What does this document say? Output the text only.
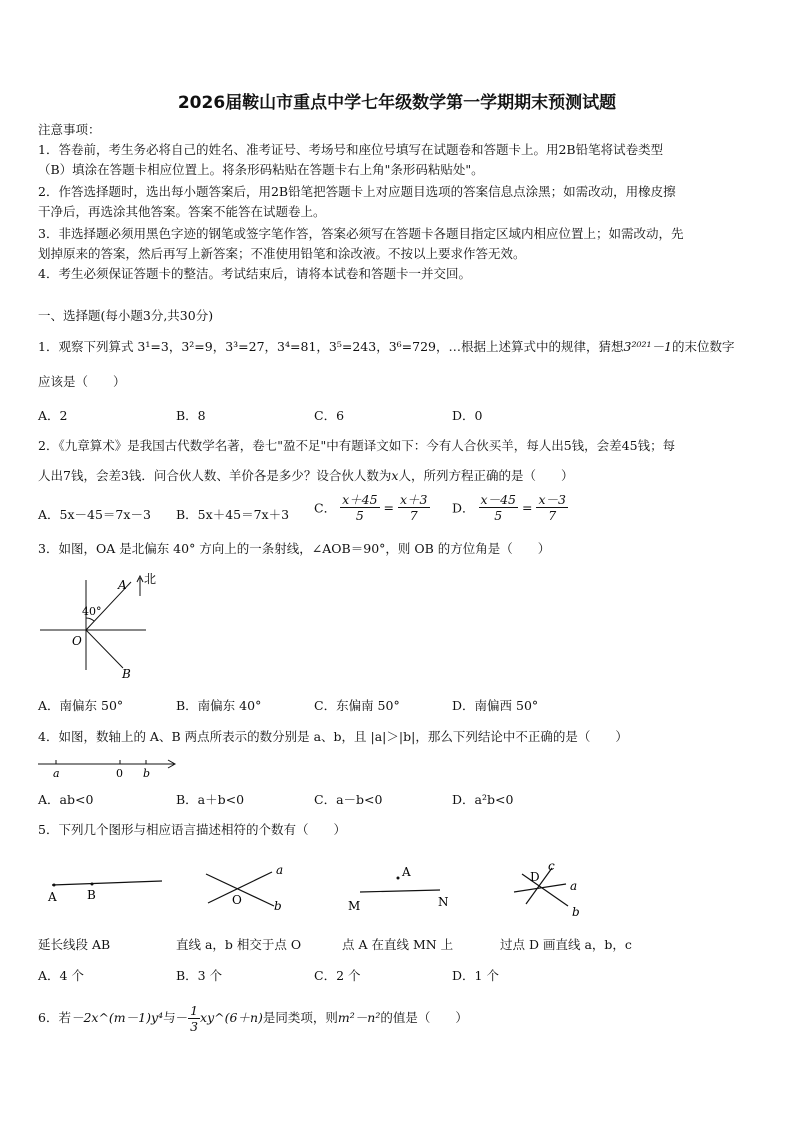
2026届鞍山市重点中学七年级数学第一学期期末预测试题
注意事项：
1．答卷前，考生务必将自己的姓名、准考证号、考场号和座位号填写在试题卷和答题卡上。用2B铅笔将试卷类型
（B）填涂在答题卡相应位置上。将条形码粘贴在答题卡右上角"条形码粘贴处"。
2．作答选择题时，选出每小题答案后，用2B铅笔把答题卡上对应题目选项的答案信息点涂黑；如需改动，用橡皮擦
干净后，再选涂其他答案。答案不能答在试题卷上。
3．非选择题必须用黑色字迹的钢笔或签字笔作答，答案必须写在答题卡各题目指定区域内相应位置上；如需改动，先
划掉原来的答案，然后再写上新答案；不准使用铅笔和涂改液。不按以上要求作答无效。
4．考生必须保证答题卡的整洁。考试结束后，请将本试卷和答题卡一并交回。
一、选择题(每小题3分,共30分)
1．观察下列算式 3¹=3，3²=9，3³=27，3⁴=81，3⁵=243，3⁶=729，…根据上述算式中的规律，猜想3²⁰²¹－1的末位数字
应该是（　　）
A．2	B．8	C．6	D．0
2．《九章算术》是我国古代数学名著，卷七"盈不足"中有题译文如下：今有人合伙买羊，每人出5钱，会差45钱；每
人出7钱，会差3钱．问合伙人数、羊价各是多少？设合伙人数为x人，所列方程正确的是（　　）
A．5x－45＝7x－3 B．5x＋45＝7x＋3 C． $\frac{x+45}{5} = \frac{x+3}{7}$ D． $\frac{x-45}{5} = \frac{x-3}{7}$
3．如图，OA 是北偏东 40° 方向上的一条射线，∠AOB＝90°，则 OB 的方位角是（　　）
北
A
B
O
40°
A．南偏东 50°	B．南偏东 40°	C．东偏南 50°	D．南偏西 50°
4．如图，数轴上的 A、B 两点所表示的数分别是 a、b，且 |a|＞|b|，那么下列结论中不正确的是（　　）
a	0 b
A．ab<0	B．a＋b<0	C．a－b<0	D．a²b<0
5．下列几个图形与相应语言描述相符的个数有（　　）
A	B
a
b
O
A
M	N
D
c
a
b
延长线段 AB	直线 a，b 相交于点 O	点 A 在直线 MN 上	过点 D 画直线 a，b，c
A．4 个	B．3 个	C．2 个	D．1 个
6．若－2x^(m－1)y⁴与－ $\frac{1}{3}$ xy^(6＋n)是同类项，则m²－n²的值是（　　）
